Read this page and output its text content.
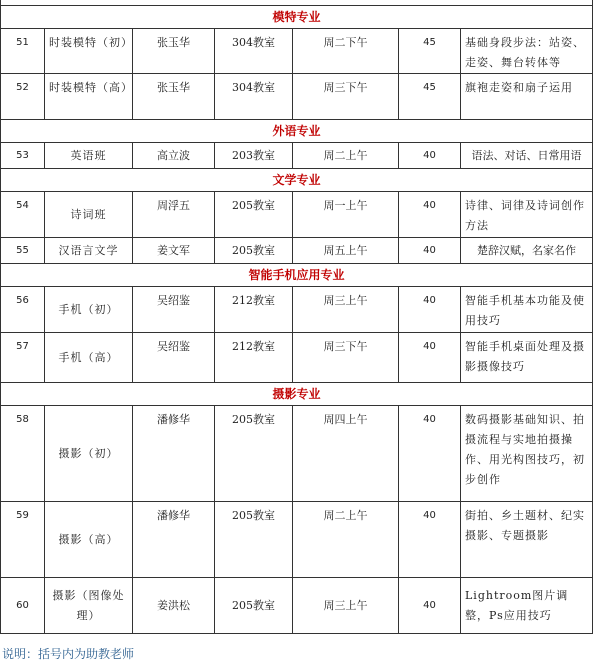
模特专业						
51	时装模特（初）	张玉华	304教室	周二下午	45	基础身段步法：站姿、走姿、舞台转体等
52	时装模特（高）	张玉华	304教室	周三下午	45	旗袍走姿和扇子运用
外语专业						
53	英语班	高立波	203教室	周二上午	40	语法、对话、日常用语
文学专业						
54	诗词班	周浮五	205教室	周一上午	40	诗律、词律及诗词创作方法
55	汉语言文学	姜文军	205教室	周五上午	40	楚辞汉赋，名家名作
智能手机应用专业						
56	手机（初）	吴绍鉴	212教室	周三上午	40	智能手机基本功能及使用技巧
57	手机（高）	吴绍鉴	212教室	周三下午	40	智能手机桌面处理及摄影摄像技巧
摄影专业						
58	摄影（初）	潘修华	205教室	周四上午	40	数码摄影基础知识、拍摄流程与实地拍摄操作、用光构图技巧，初步创作
59	摄影（高）	潘修华	205教室	周二上午	40	街拍、乡土题材、纪实摄影、专题摄影
60	摄影（图像处理）	姜洪松	205教室	周三上午	40	Lightroom图片调整，Ps应用技巧
说明：括号内为助教老师
